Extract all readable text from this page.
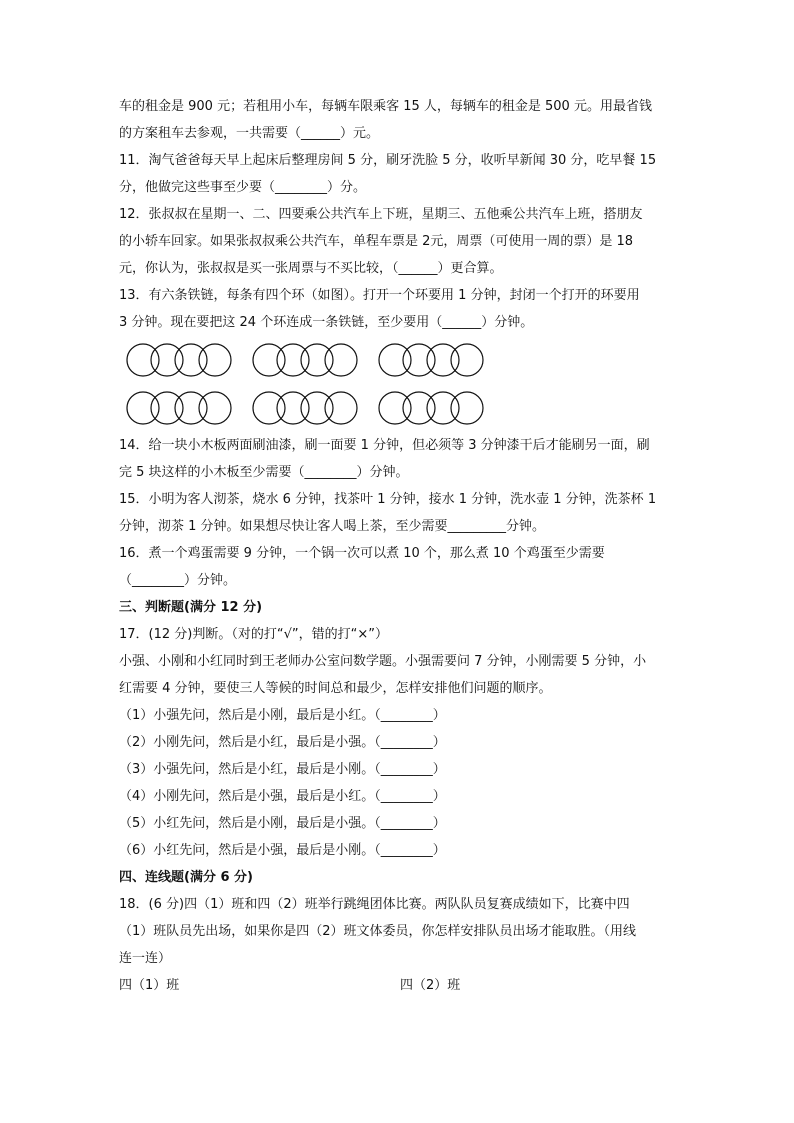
车的租金是 900 元；若租用小车，每辆车限乘客 15 人，每辆车的租金是 500 元。用最省钱
的方案租车去参观，一共需要（______）元。
11．淘气爸爸每天早上起床后整理房间 5 分，刷牙洗脸 5 分，收听早新闻 30 分，吃早餐 15
分，他做完这些事至少要（________）分。
12．张叔叔在星期一、二、四要乘公共汽车上下班，星期三、五他乘公共汽车上班，搭朋友
的小轿车回家。如果张叔叔乘公共汽车，单程车票是 2元，周票（可使用一周的票）是 18
元，你认为，张叔叔是买一张周票与不买比较，（______）更合算。
13．有六条铁链，每条有四个环（如图）。打开一个环要用 1 分钟，封闭一个打开的环要用
3 分钟。现在要把这 24 个环连成一条铁链，至少要用（______）分钟。
14．给一块小木板两面刷油漆，刷一面要 1 分钟，但必须等 3 分钟漆干后才能刷另一面，刷
完 5 块这样的小木板至少需要（________）分钟。
15．小明为客人沏茶，烧水 6 分钟，找茶叶 1 分钟，接水 1 分钟，洗水壶 1 分钟，洗茶杯 1
分钟，沏茶 1 分钟。如果想尽快让客人喝上茶，至少需要_________分钟。
16．煮一个鸡蛋需要 9 分钟，一个锅一次可以煮 10 个，那么煮 10 个鸡蛋至少需要
（________）分钟。
三、判断题(满分 12 分)
17．(12 分)判断。（对的打“√”，错的打“×”）
小强、小刚和小红同时到王老师办公室问数学题。小强需要问 7 分钟，小刚需要 5 分钟，小
红需要 4 分钟，要使三人等候的时间总和最少，怎样安排他们问题的顺序。
（1）小强先问，然后是小刚，最后是小红。（________）
（2）小刚先问，然后是小红，最后是小强。（________）
（3）小强先问，然后是小红，最后是小刚。（________）
（4）小刚先问，然后是小强，最后是小红。（________）
（5）小红先问，然后是小刚，最后是小强。（________）
（6）小红先问，然后是小强，最后是小刚。（________）
四、连线题(满分 6 分)
18．(6 分)四（1）班和四（2）班举行跳绳团体比赛。两队队员复赛成绩如下，比赛中四
（1）班队员先出场，如果你是四（2）班文体委员，你怎样安排队员出场才能取胜。（用线
连一连）
四（1）班	四（2）班
